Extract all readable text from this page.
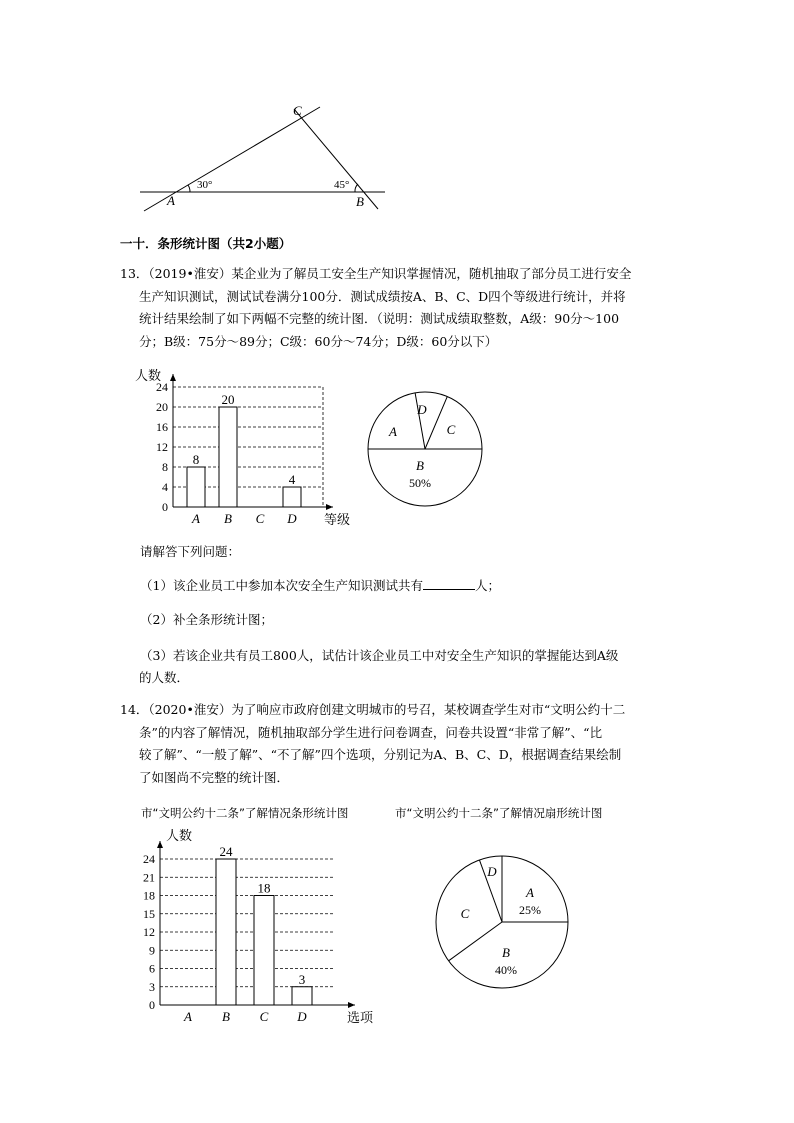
C
A	B
30°	45°
一十．条形统计图（共2小题）
13．（2019•淮安）某企业为了解员工安全生产知识掌握情况，随机抽取了部分员工进行安全
生产知识测试，测试试卷满分100分．测试成绩按A、B、C、D四个等级进行统计，并将
统计结果绘制了如下两幅不完整的统计图．（说明：测试成绩取整数，A级：90分～100
分；B级：75分～89分；C级：60分～74分；D级：60分以下）
0
4
8
12
16
20
24
人数
等级
A
8
B
20
C D
4
A
D
C
B
50%
请解答下列问题：
（1）该企业员工中参加本次安全生产知识测试共有	人；
（2）补全条形统计图；
（3）若该企业共有员工800人，试估计该企业员工中对安全生产知识的掌握能达到A级
的人数．
14．（2020•淮安）为了响应市政府创建文明城市的号召，某校调查学生对市“文明公约十二
条”的内容了解情况，随机抽取部分学生进行问卷调查，问卷共设置“非常了解”、“比
较了解”、“一般了解”、“不了解”四个选项，分别记为A、B、C、D，根据调查结果绘制
了如图尚不完整的统计图．
市“文明公约十二条”了解情况条形统计图	市“文明公约十二条”了解情况扇形统计图
0
3
6
9
12
15
18
21
24
人数
选项
A B
24
C
18
D
3
A
25%
B
40%
C
D
